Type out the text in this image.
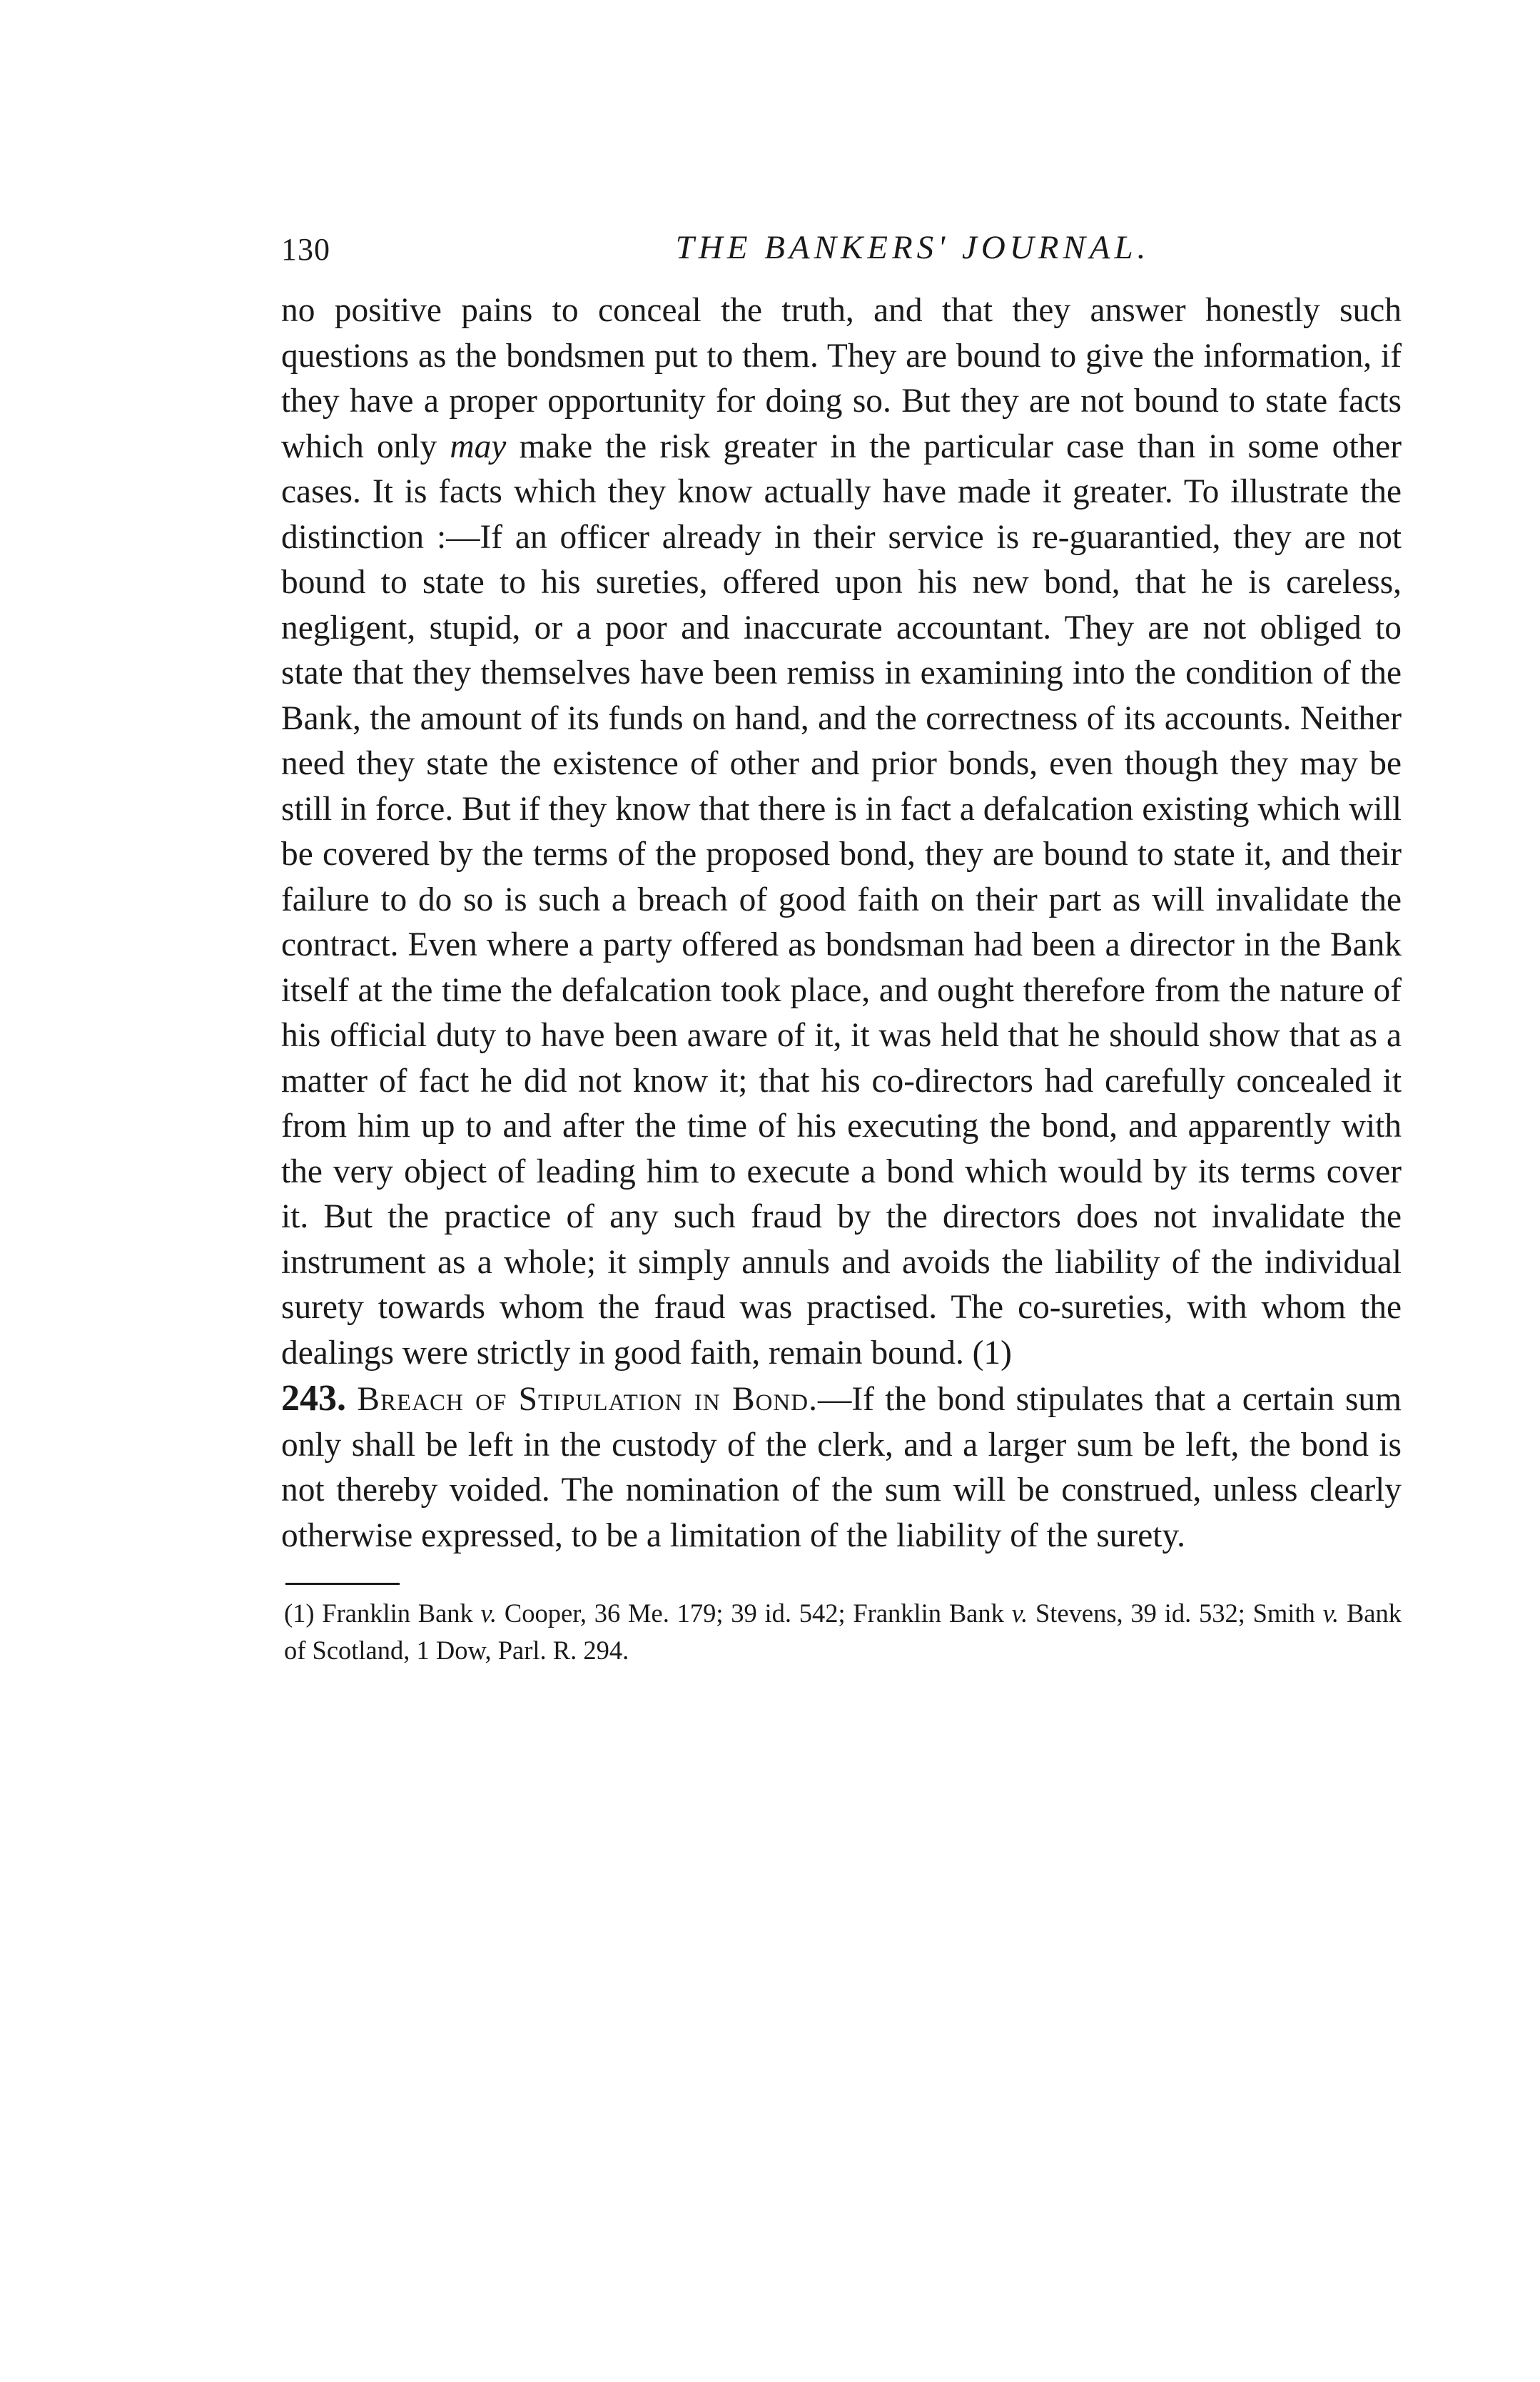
130	THE BANKERS' JOURNAL.

no positive pains to conceal the truth, and that they answer honestly such questions as the bondsmen put to them. They are bound to give the information, if they have a proper opportunity for doing so. But they are not bound to state facts which only may make the risk greater in the particular case than in some other cases. It is facts which they know actually have made it greater. To illustrate the distinction :—If an officer already in their service is re-guarantied, they are not bound to state to his sureties, offered upon his new bond, that he is careless, negligent, stupid, or a poor and inaccurate accountant. They are not obliged to state that they themselves have been remiss in examining into the condition of the Bank, the amount of its funds on hand, and the correctness of its accounts. Neither need they state the existence of other and prior bonds, even though they may be still in force. But if they know that there is in fact a defalcation existing which will be covered by the terms of the proposed bond, they are bound to state it, and their failure to do so is such a breach of good faith on their part as will invalidate the contract. Even where a party offered as bondsman had been a director in the Bank itself at the time the defalcation took place, and ought therefore from the nature of his official duty to have been aware of it, it was held that he should show that as a matter of fact he did not know it; that his co-directors had carefully concealed it from him up to and after the time of his executing the bond, and apparently with the very object of leading him to execute a bond which would by its terms cover it. But the practice of any such fraud by the directors does not invalidate the instrument as a whole; it simply annuls and avoids the liability of the individual surety towards whom the fraud was practised. The co-sureties, with whom the dealings were strictly in good faith, remain bound. (1)

243. Breach of Stipulation in Bond.—If the bond stipulates that a certain sum only shall be left in the custody of the clerk, and a larger sum be left, the bond is not thereby voided. The nomination of the sum will be construed, unless clearly otherwise expressed, to be a limitation of the liability of the surety.

(1) Franklin Bank v. Cooper, 36 Me. 179; 39 id. 542; Franklin Bank v. Stevens, 39 id. 532; Smith v. Bank of Scotland, 1 Dow, Parl. R. 294.
